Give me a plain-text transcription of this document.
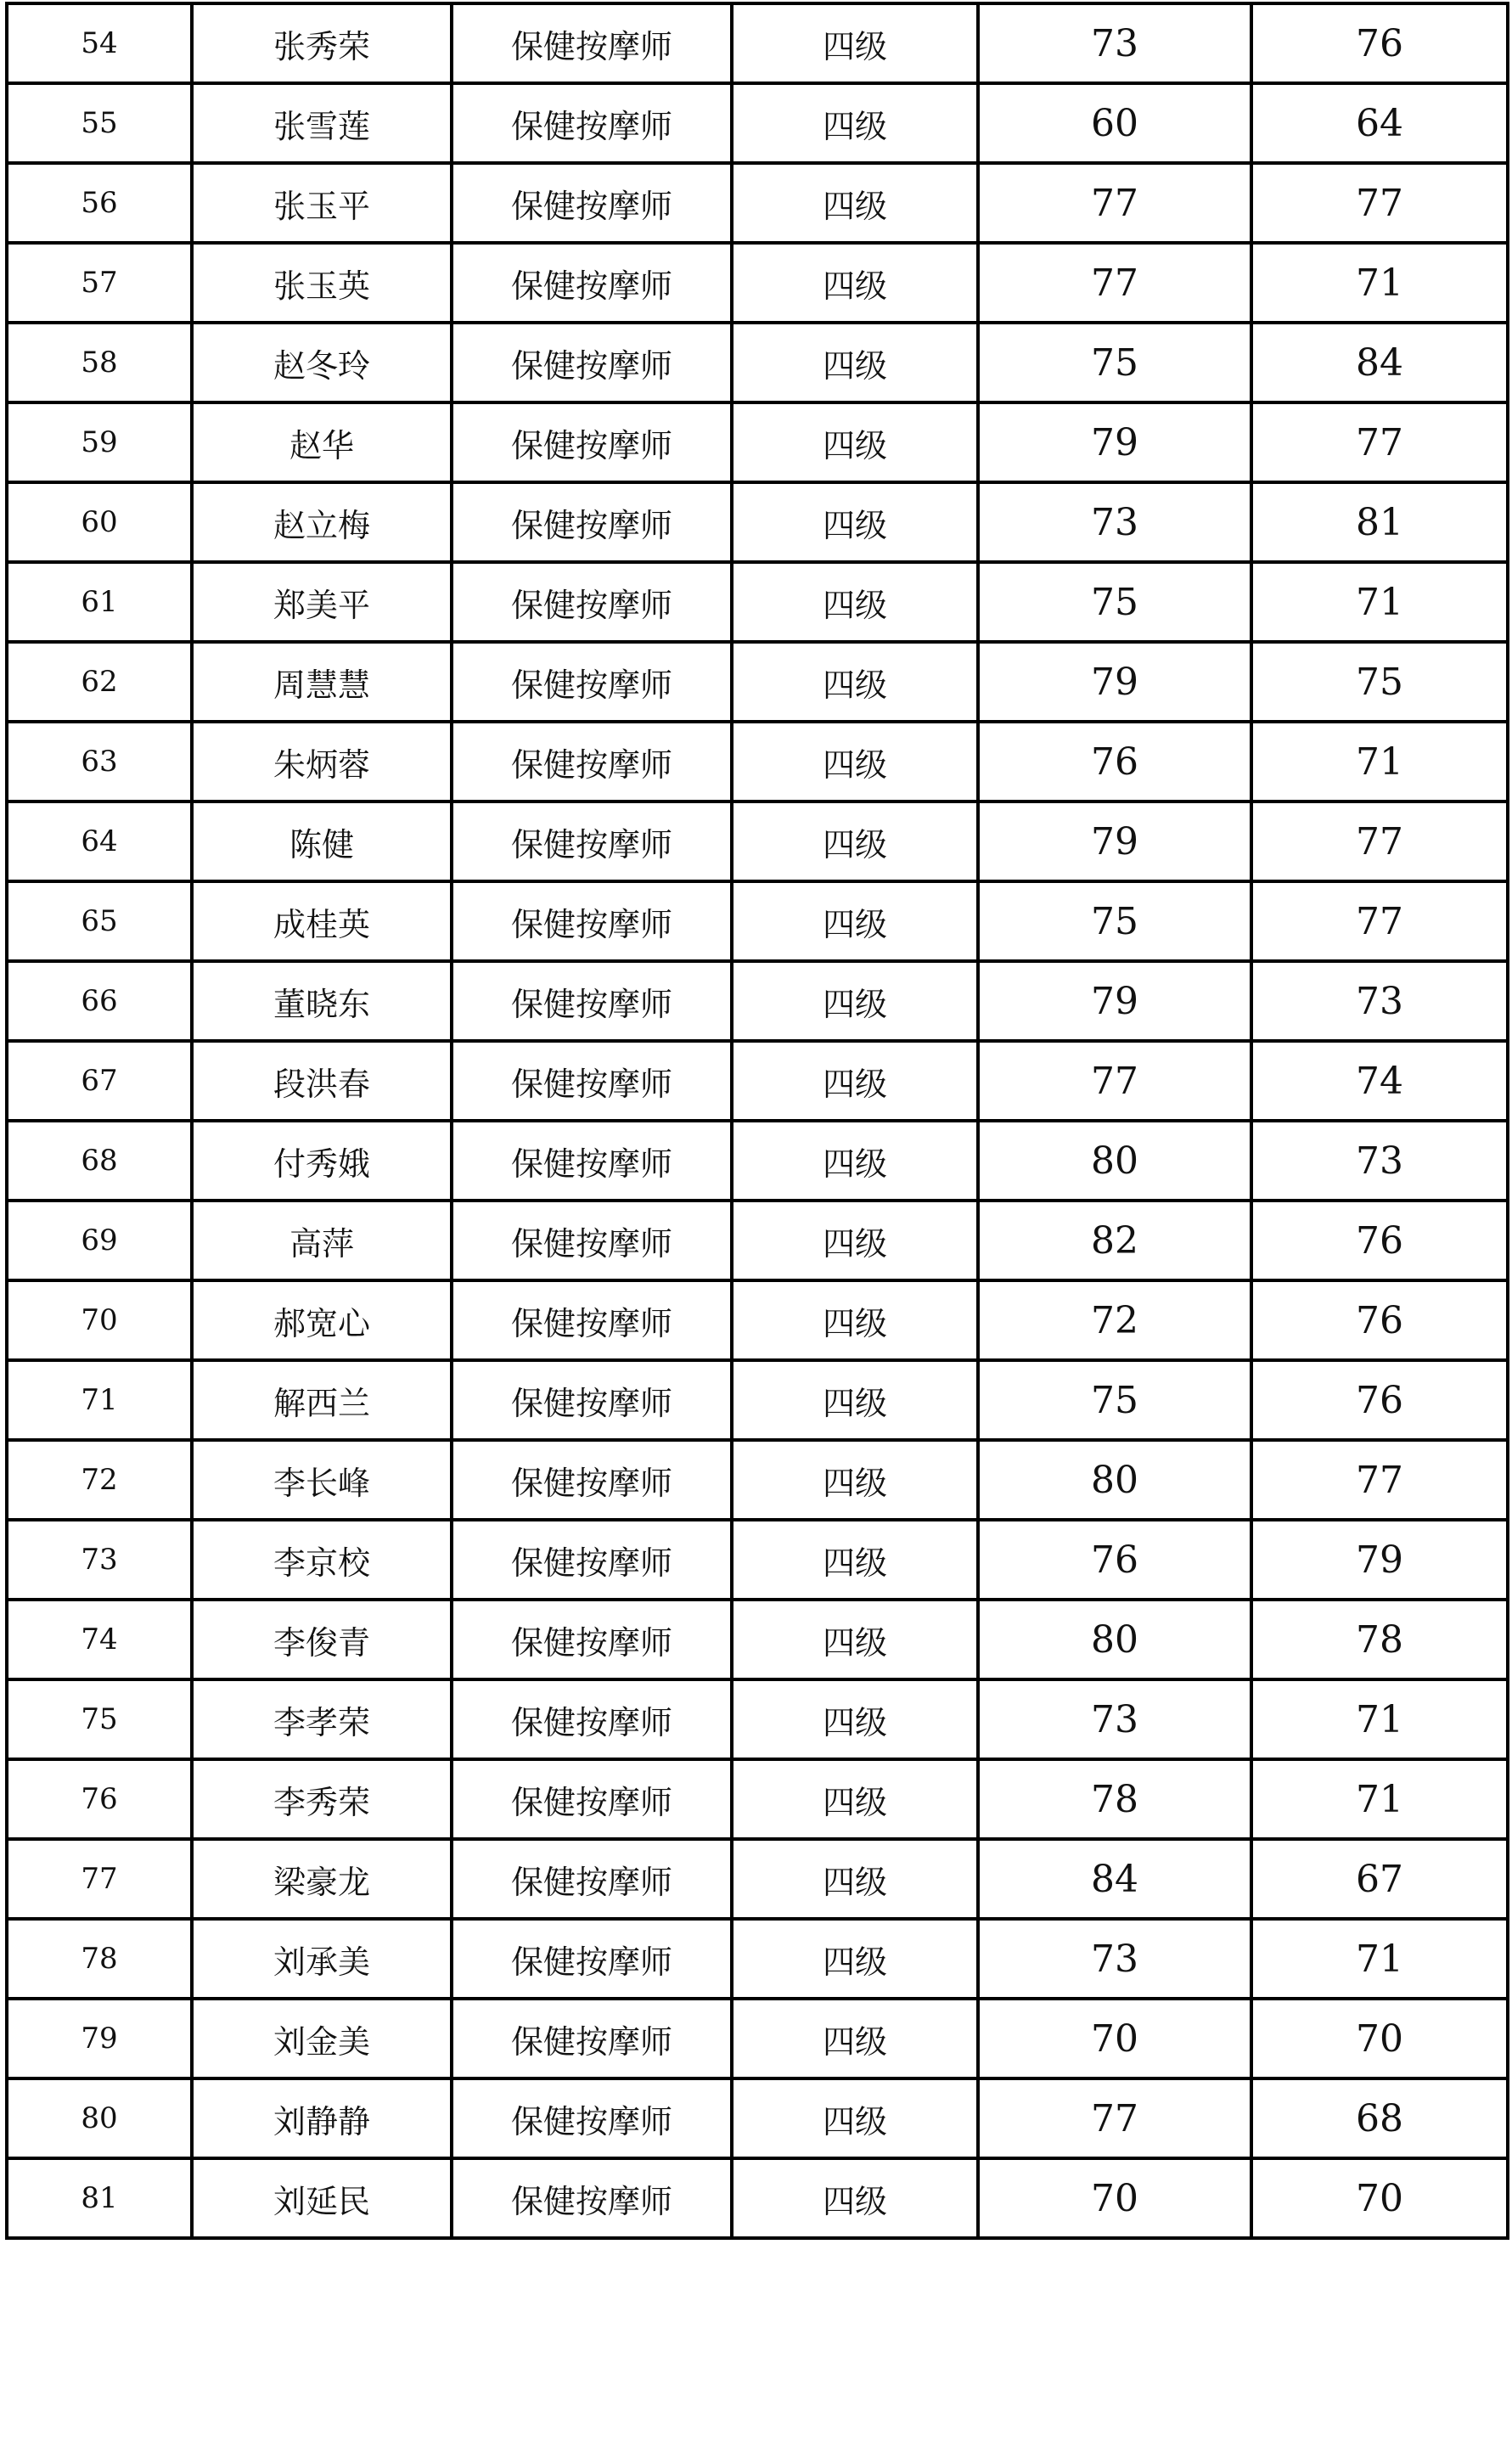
54	张秀荣	保健按摩师	四级	73	76
55	张雪莲	保健按摩师	四级	60	64
56	张玉平	保健按摩师	四级	77	77
57	张玉英	保健按摩师	四级	77	71
58	赵冬玲	保健按摩师	四级	75	84
59	赵华	保健按摩师	四级	79	77
60	赵立梅	保健按摩师	四级	73	81
61	郑美平	保健按摩师	四级	75	71
62	周慧慧	保健按摩师	四级	79	75
63	朱炳蓉	保健按摩师	四级	76	71
64	陈健	保健按摩师	四级	79	77
65	成桂英	保健按摩师	四级	75	77
66	董晓东	保健按摩师	四级	79	73
67	段洪春	保健按摩师	四级	77	74
68	付秀娥	保健按摩师	四级	80	73
69	高萍	保健按摩师	四级	82	76
70	郝宽心	保健按摩师	四级	72	76
71	解西兰	保健按摩师	四级	75	76
72	李长峰	保健按摩师	四级	80	77
73	李京校	保健按摩师	四级	76	79
74	李俊青	保健按摩师	四级	80	78
75	李孝荣	保健按摩师	四级	73	71
76	李秀荣	保健按摩师	四级	78	71
77	梁豪龙	保健按摩师	四级	84	67
78	刘承美	保健按摩师	四级	73	71
79	刘金美	保健按摩师	四级	70	70
80	刘静静	保健按摩师	四级	77	68
81	刘延民	保健按摩师	四级	70	70
